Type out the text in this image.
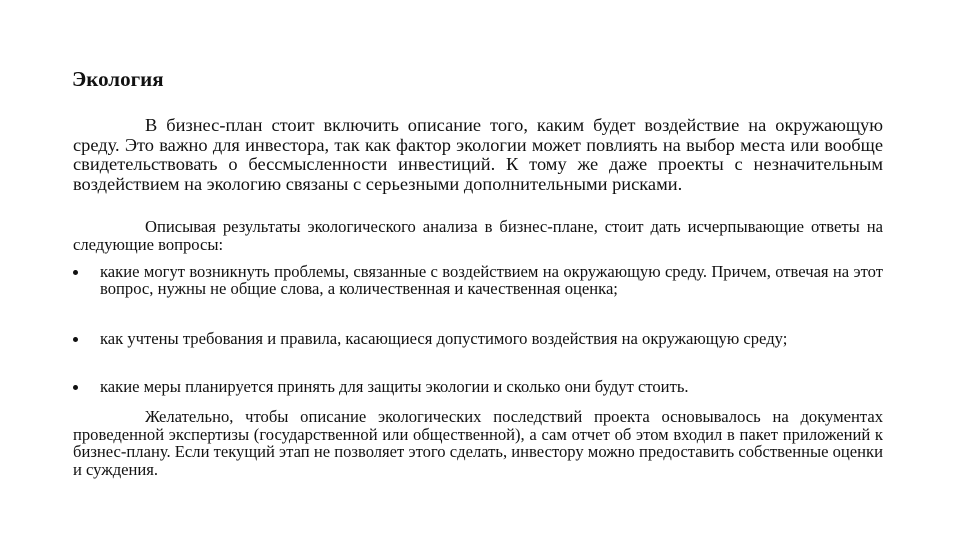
Экология

В бизнес-план стоит включить описание того, каким будет воздействие на окружающую среду. Это важно для инвестора, так как фактор экологии может повлиять на выбор места или вообще свидетельствовать о бессмысленности инвестиций. К тому же даже проекты с незначительным воздействием на экологию связаны с серьезными дополнительными рисками.

Описывая результаты экологического анализа в бизнес-плане, стоит дать исчерпывающие ответы на следующие вопросы:

какие могут возникнуть проблемы, связанные с воздействием на окружающую среду. Причем, отвечая на этот вопрос, нужны не общие слова, а количественная и качественная оценка;
как учтены требования и правила, касающиеся допустимого воздействия на окружающую среду;
какие меры планируется принять для защиты экологии и сколько они будут стоить.

Желательно, чтобы описание экологических последствий проекта основывалось на документах проведенной экспертизы (государственной или общественной), а сам отчет об этом входил в пакет приложений к бизнес-плану. Если текущий этап не позволяет этого сделать, инвестору можно предоставить собственные оценки и суждения.
